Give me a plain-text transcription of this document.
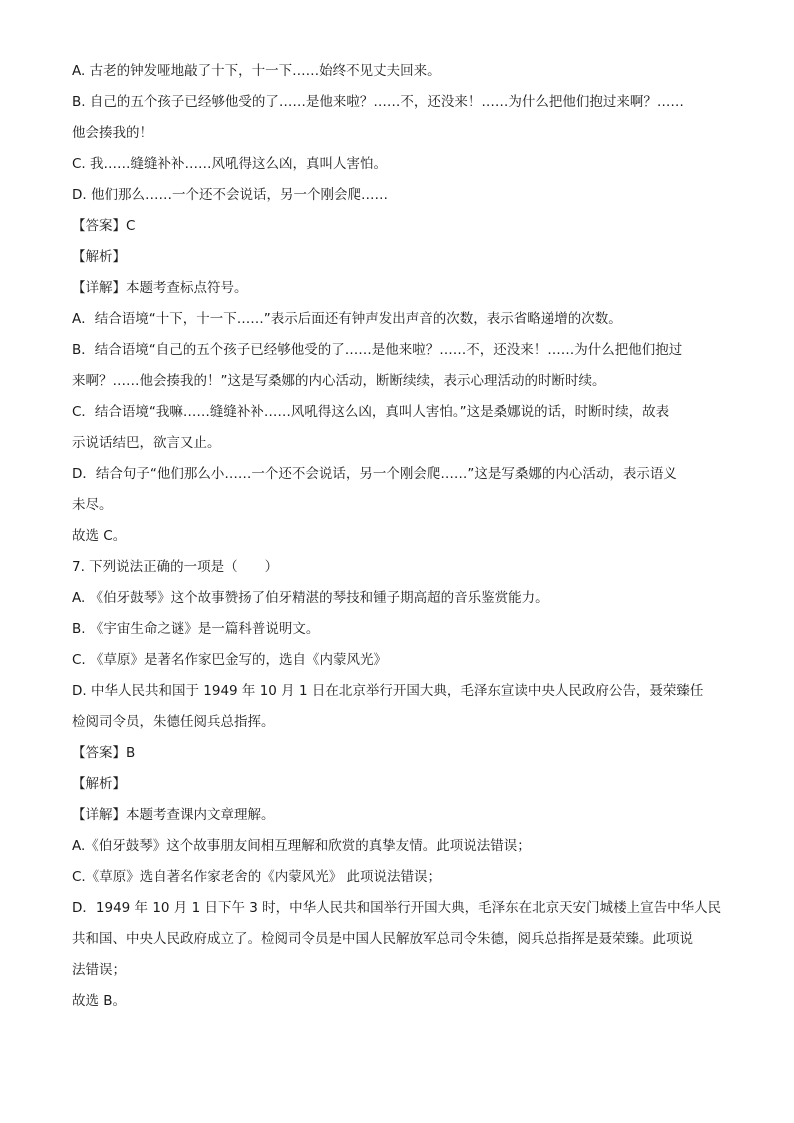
A. 古老的钟发哑地敲了十下，十一下……始终不见丈夫回来。

B. 自己的五个孩子已经够他受的了……是他来啦？……不，还没来！……为什么把他们抱过来啊？……

他会揍我的！

C. 我……缝缝补补……风吼得这么凶，真叫人害怕。

D. 他们那么……一个还不会说话，另一个刚会爬……

【答案】C

【解析】

【详解】本题考查标点符号。

A．结合语境“十下，十一下……”表示后面还有钟声发出声音的次数，表示省略递增的次数。

B．结合语境“自己的五个孩子已经够他受的了……是他来啦？……不，还没来！……为什么把他们抱过

来啊？……他会揍我的！”这是写桑娜的内心活动，断断续续，表示心理活动的时断时续。

C．结合语境“我嘛……缝缝补补……风吼得这么凶，真叫人害怕。”这是桑娜说的话，时断时续，故表

示说话结巴，欲言又止。

D．结合句子“他们那么小……一个还不会说话，另一个刚会爬……”这是写桑娜的内心活动，表示语义

未尽。

故选 C。

7. 下列说法正确的一项是（　　）

A. 《伯牙鼓琴》这个故事赞扬了伯牙精湛的琴技和锺子期高超的音乐鉴赏能力。

B. 《宇宙生命之谜》是一篇科普说明文。

C. 《草原》是著名作家巴金写的，选自《内蒙风光》

D. 中华人民共和国于 1949 年 10 月 1 日在北京举行开国大典，毛泽东宣读中央人民政府公告，聂荣臻任

检阅司令员，朱德任阅兵总指挥。

【答案】B

【解析】

【详解】本题考查课内文章理解。

A.《伯牙鼓琴》这个故事朋友间相互理解和欣赏的真挚友情。此项说法错误；

C.《草原》选自著名作家老舍的《内蒙风光》 此项说法错误；

D．1949 年 10 月 1 日下午 3 时，中华人民共和国举行开国大典，毛泽东在北京天安门城楼上宣告中华人民

共和国、中央人民政府成立了。检阅司令员是中国人民解放军总司令朱德，阅兵总指挥是聂荣臻。此项说

法错误；

故选 B。
